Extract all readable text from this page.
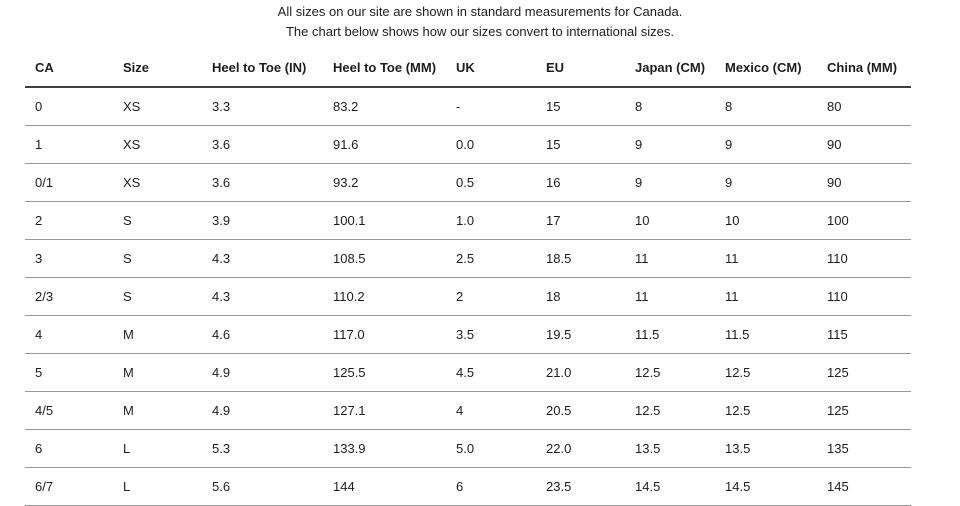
All sizes on our site are shown in standard measurements for Canada.

The chart below shows how our sizes convert to international sizes.

CA	Size	Heel to Toe (IN)	Heel to Toe (MM)	UK	EU	Japan (CM)	Mexico (CM)	China (MM)
0	XS	3.3	83.2	-	15	8	8	80
1	XS	3.6	91.6	0.0	15	9	9	90
0/1	XS	3.6	93.2	0.5	16	9	9	90
2	S	3.9	100.1	1.0	17	10	10	100
3	S	4.3	108.5	2.5	18.5	11	11	110
2/3	S	4.3	110.2	2	18	11	11	110
4	M	4.6	117.0	3.5	19.5	11.5	11.5	115
5	M	4.9	125.5	4.5	21.0	12.5	12.5	125
4/5	M	4.9	127.1	4	20.5	12.5	12.5	125
6	L	5.3	133.9	5.0	22.0	13.5	13.5	135
6/7	L	5.6	144	6	23.5	14.5	14.5	145
